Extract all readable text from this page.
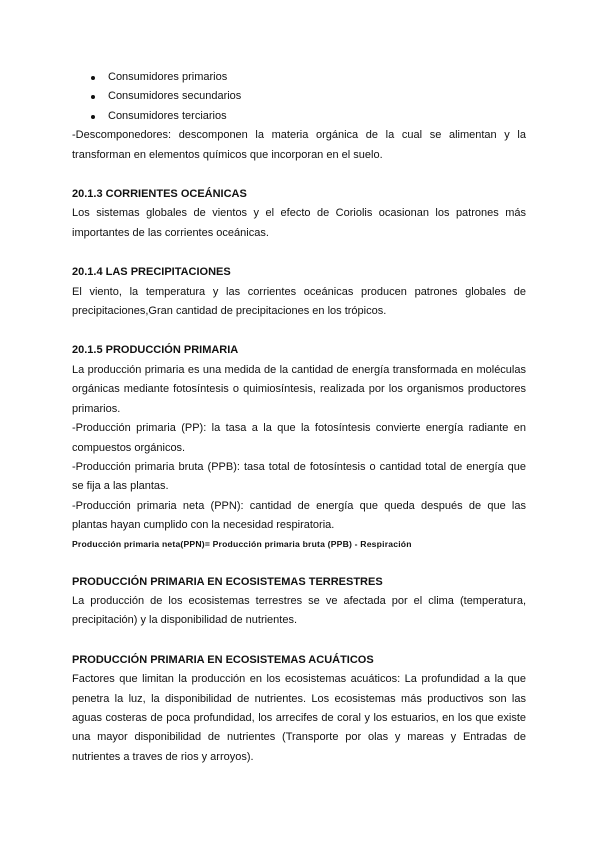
Consumidores primarios
Consumidores secundarios
Consumidores terciarios

-Descomponedores: descomponen la materia orgánica de la cual se alimentan y la transforman en elementos químicos que incorporan en el suelo.

20.1.3 CORRIENTES OCEÁNICAS

Los sistemas globales de vientos y el efecto de Coriolis ocasionan los patrones más importantes de las corrientes oceánicas.

20.1.4 LAS PRECIPITACIONES

El viento, la temperatura y las corrientes oceánicas producen patrones globales de precipitaciones,Gran cantidad de precipitaciones en los trópicos.

20.1.5 PRODUCCIÓN PRIMARIA

La producción primaria es una medida de la cantidad de energía transformada en moléculas orgánicas mediante fotosíntesis o quimiosíntesis, realizada por los organismos productores primarios.

-Producción primaria (PP): la tasa a la que la fotosíntesis convierte energía radiante en compuestos orgánicos.

-Producción primaria bruta (PPB): tasa total de fotosíntesis o cantidad total de energía que se fija a las plantas.

-Producción primaria neta (PPN): cantidad de energía que queda después de que las plantas hayan cumplido con la necesidad respiratoria.

Producción primaria neta(PPN)= Producción primaria bruta (PPB) - Respiración
PRODUCCIÓN PRIMARIA EN ECOSISTEMAS TERRESTRES

La producción de los ecosistemas terrestres se ve afectada por el clima (temperatura, precipitación) y la disponibilidad de nutrientes.

PRODUCCIÓN PRIMARIA EN ECOSISTEMAS ACUÁTICOS

Factores que limitan la producción en los ecosistemas acuáticos: La profundidad a la que penetra la luz, la disponibilidad de nutrientes. Los ecosistemas más productivos son las aguas costeras de poca profundidad, los arrecifes de coral y los estuarios, en los que existe una mayor disponibilidad de nutrientes (Transporte por olas y mareas y Entradas de nutrientes a traves de rios y arroyos).
